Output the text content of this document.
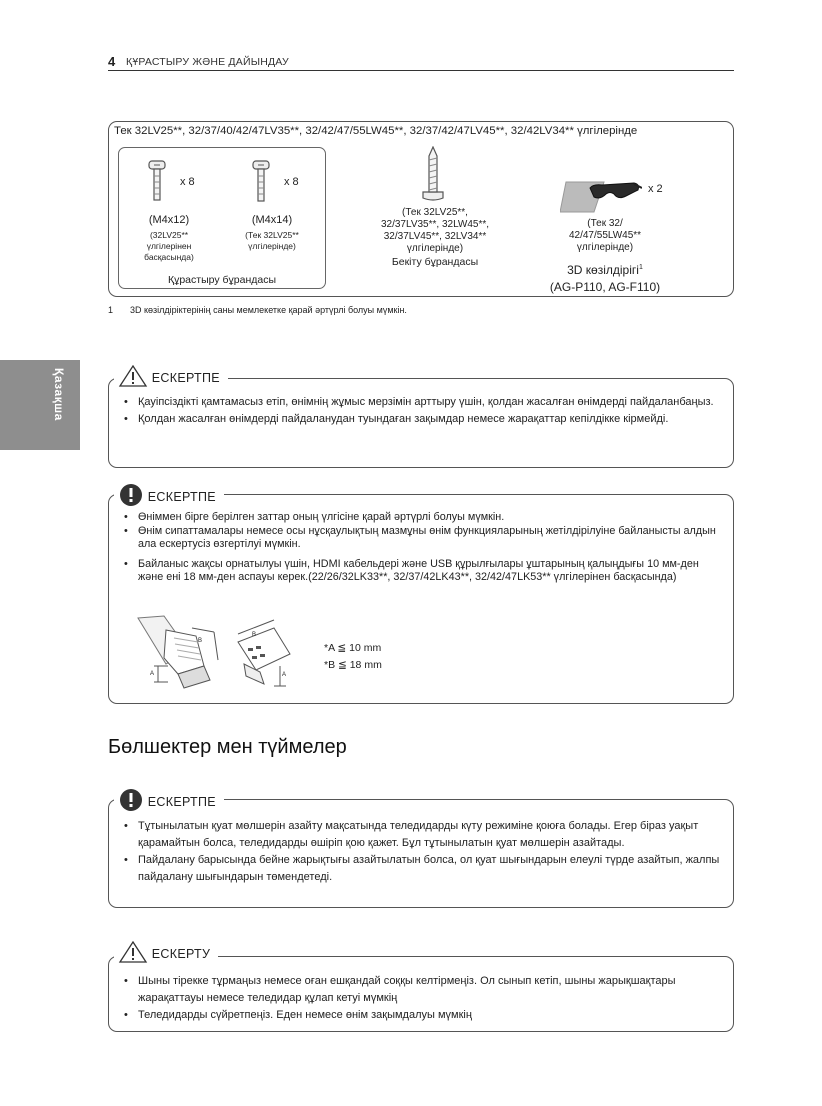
4 ҚҰРАСТЫРУ ЖӘНЕ ДАЙЫНДАУ
Қазақша
Тек 32LV25**, 32/37/40/42/47LV35**, 32/42/47/55LW45**, 32/37/42/47LV45**, 32/42LV34** үлгілерінде
x 8
(M4x12)
(32LV25**
үлгілерінен
басқасында)
x 8
(M4x14)
(Тек 32LV25**
үлгілерінде)
Құрастыру бұрандасы
(Тек 32LV25**,
32/37LV35**, 32LW45**,
32/37LV45**, 32LV34**
үлгілерінде)
Бекіту бұрандасы
x 2
(Тек 32/
42/47/55LW45**
үлгілерінде)
3D көзілдірігі$^1$
(AG-P110, AG-F110)
1 3D көзілдіріктерінің саны мемлекетке қарай әртүрлі болуы мүмкін.
ЕСКЕРТПЕ
• Қауіпсіздікті қамтамасыз етіп, өнімнің жұмыс мерзімін арттыру үшін, қолдан жасалған өнімдерді пайдаланбаңыз.
• Қолдан жасалған өнімдерді пайдаланудан туындаған зақымдар немесе жарақаттар кепілдікке кірмейді.
ЕСКЕРТПЕ
• Өніммен бірге берілген заттар оның үлгісіне қарай әртүрлі болуы мүмкін.
• Өнім сипаттамалары немесе осы нұсқаулықтың мазмұны өнім функцияларының жетілдірілуіне байланысты алдын ала ескертусіз өзгертілуі мүмкін.
• Байланыс жақсы орнатылуы үшін, HDMI кабельдері және USB құрылғылары ұштарының қалыңдығы 10 мм-ден және ені 18 мм-ден аспауы керек.(22/26/32LK33**, 32/37/42LK43**, 32/42/47LK53** үлгілерінен басқасында)
B
A
B
A
*A ≦ 10 mm
*B ≦ 18 mm
Бөлшектер мен түймелер
ЕСКЕРТПЕ
• Тұтынылатын қуат мөлшерін азайту мақсатында теледидарды күту режиміне қоюға болады. Егер біраз уақыт қарамайтын болса, теледидарды өшіріп қою қажет. Бұл тұтынылатын қуат мөлшерін азайтады.
• Пайдалану барысында бейне жарықтығы азайтылатын болса, ол қуат шығындарын елеулі түрде азайтып, жалпы пайдалану шығындарын төмендетеді.
ЕСКЕРТУ
• Шыны тірекке тұрмаңыз немесе оған ешқандай соққы келтірмеңіз. Ол сынып кетіп, шыны жарықшақтары жарақаттауы немесе теледидар құлап кетуі мүмкің
• Теледидарды сүйретпеңіз. Еден немесе өнім зақымдалуы мүмкің
